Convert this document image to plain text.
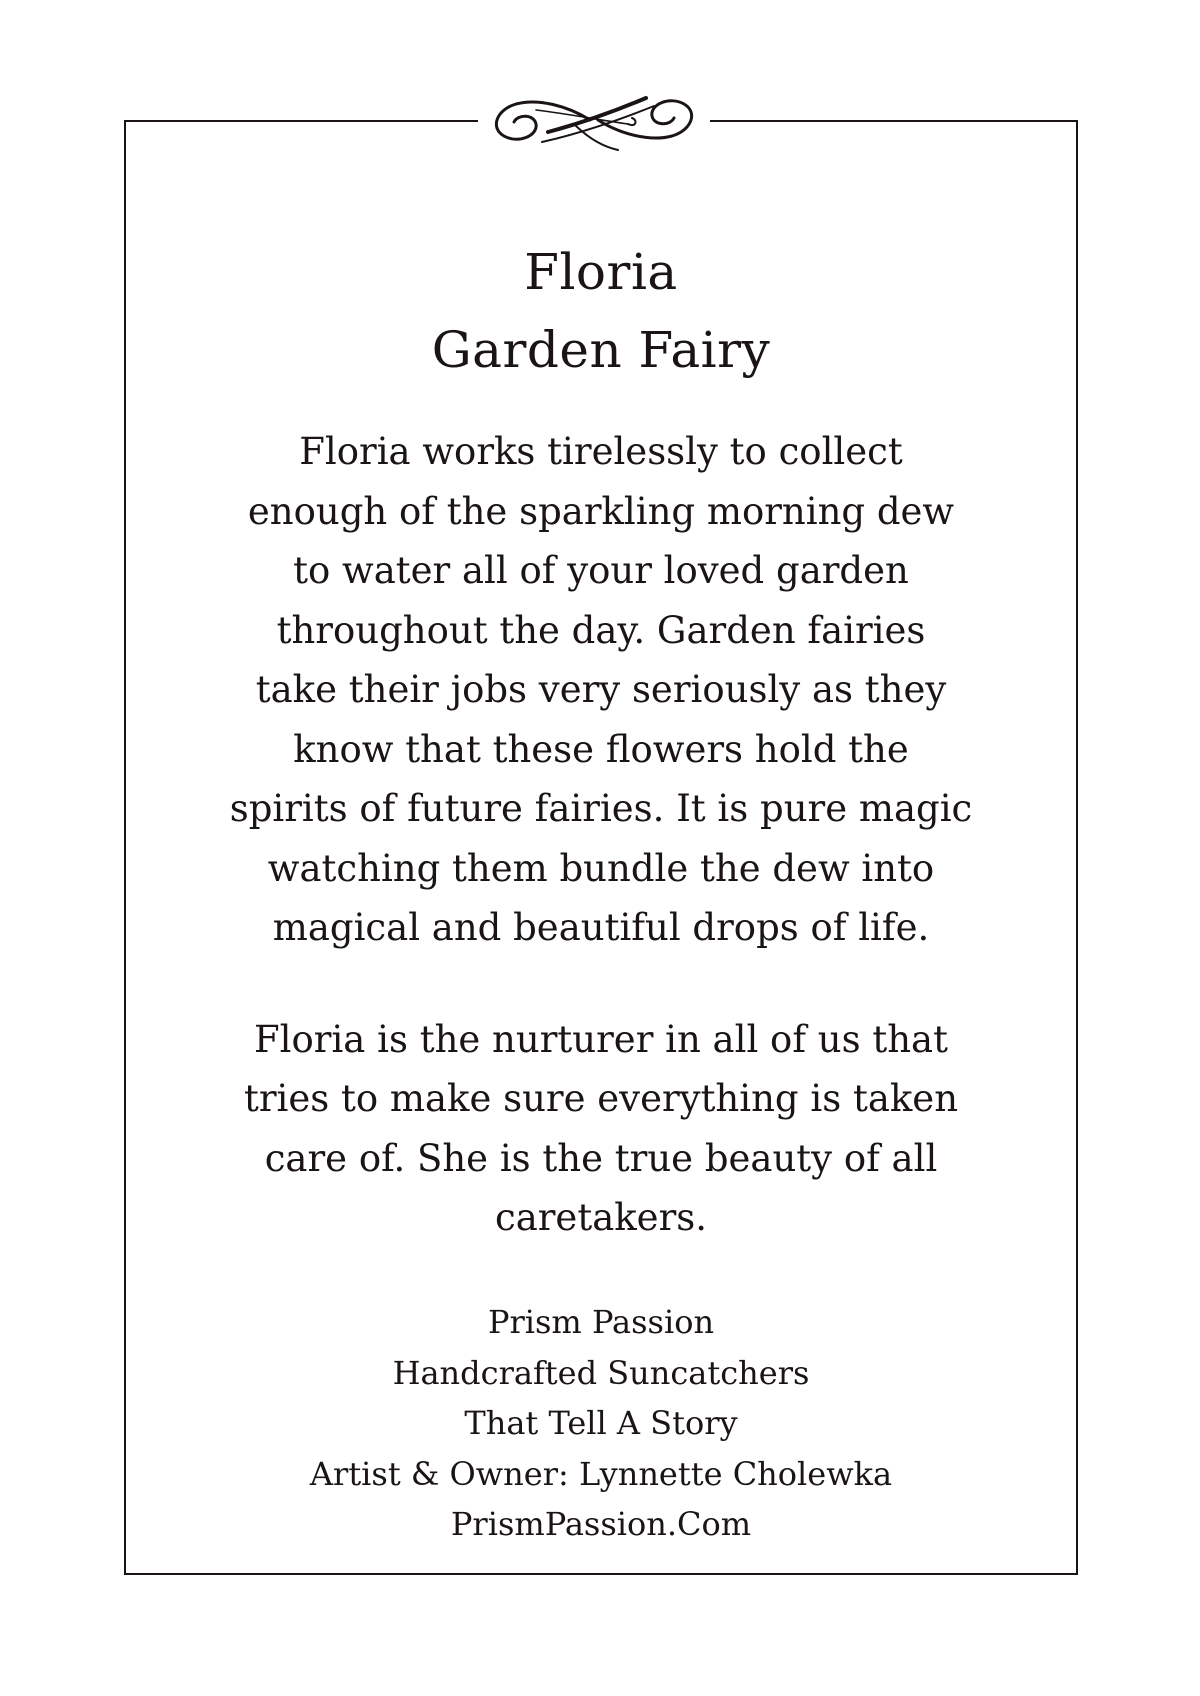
Floria
Garden Fairy

Floria works tirelessly to collect

enough of the sparkling morning dew

to water all of your loved garden

throughout the day. Garden fairies

take their jobs very seriously as they

know that these flowers hold the

spirits of future fairies. It is pure magic

watching them bundle the dew into

magical and beautiful drops of life.

Floria is the nurturer in all of us that

tries to make sure everything is taken

care of. She is the true beauty of all

caretakers.

Prism Passion

Handcrafted Suncatchers

That Tell A Story

Artist & Owner: Lynnette Cholewka

PrismPassion.Com
